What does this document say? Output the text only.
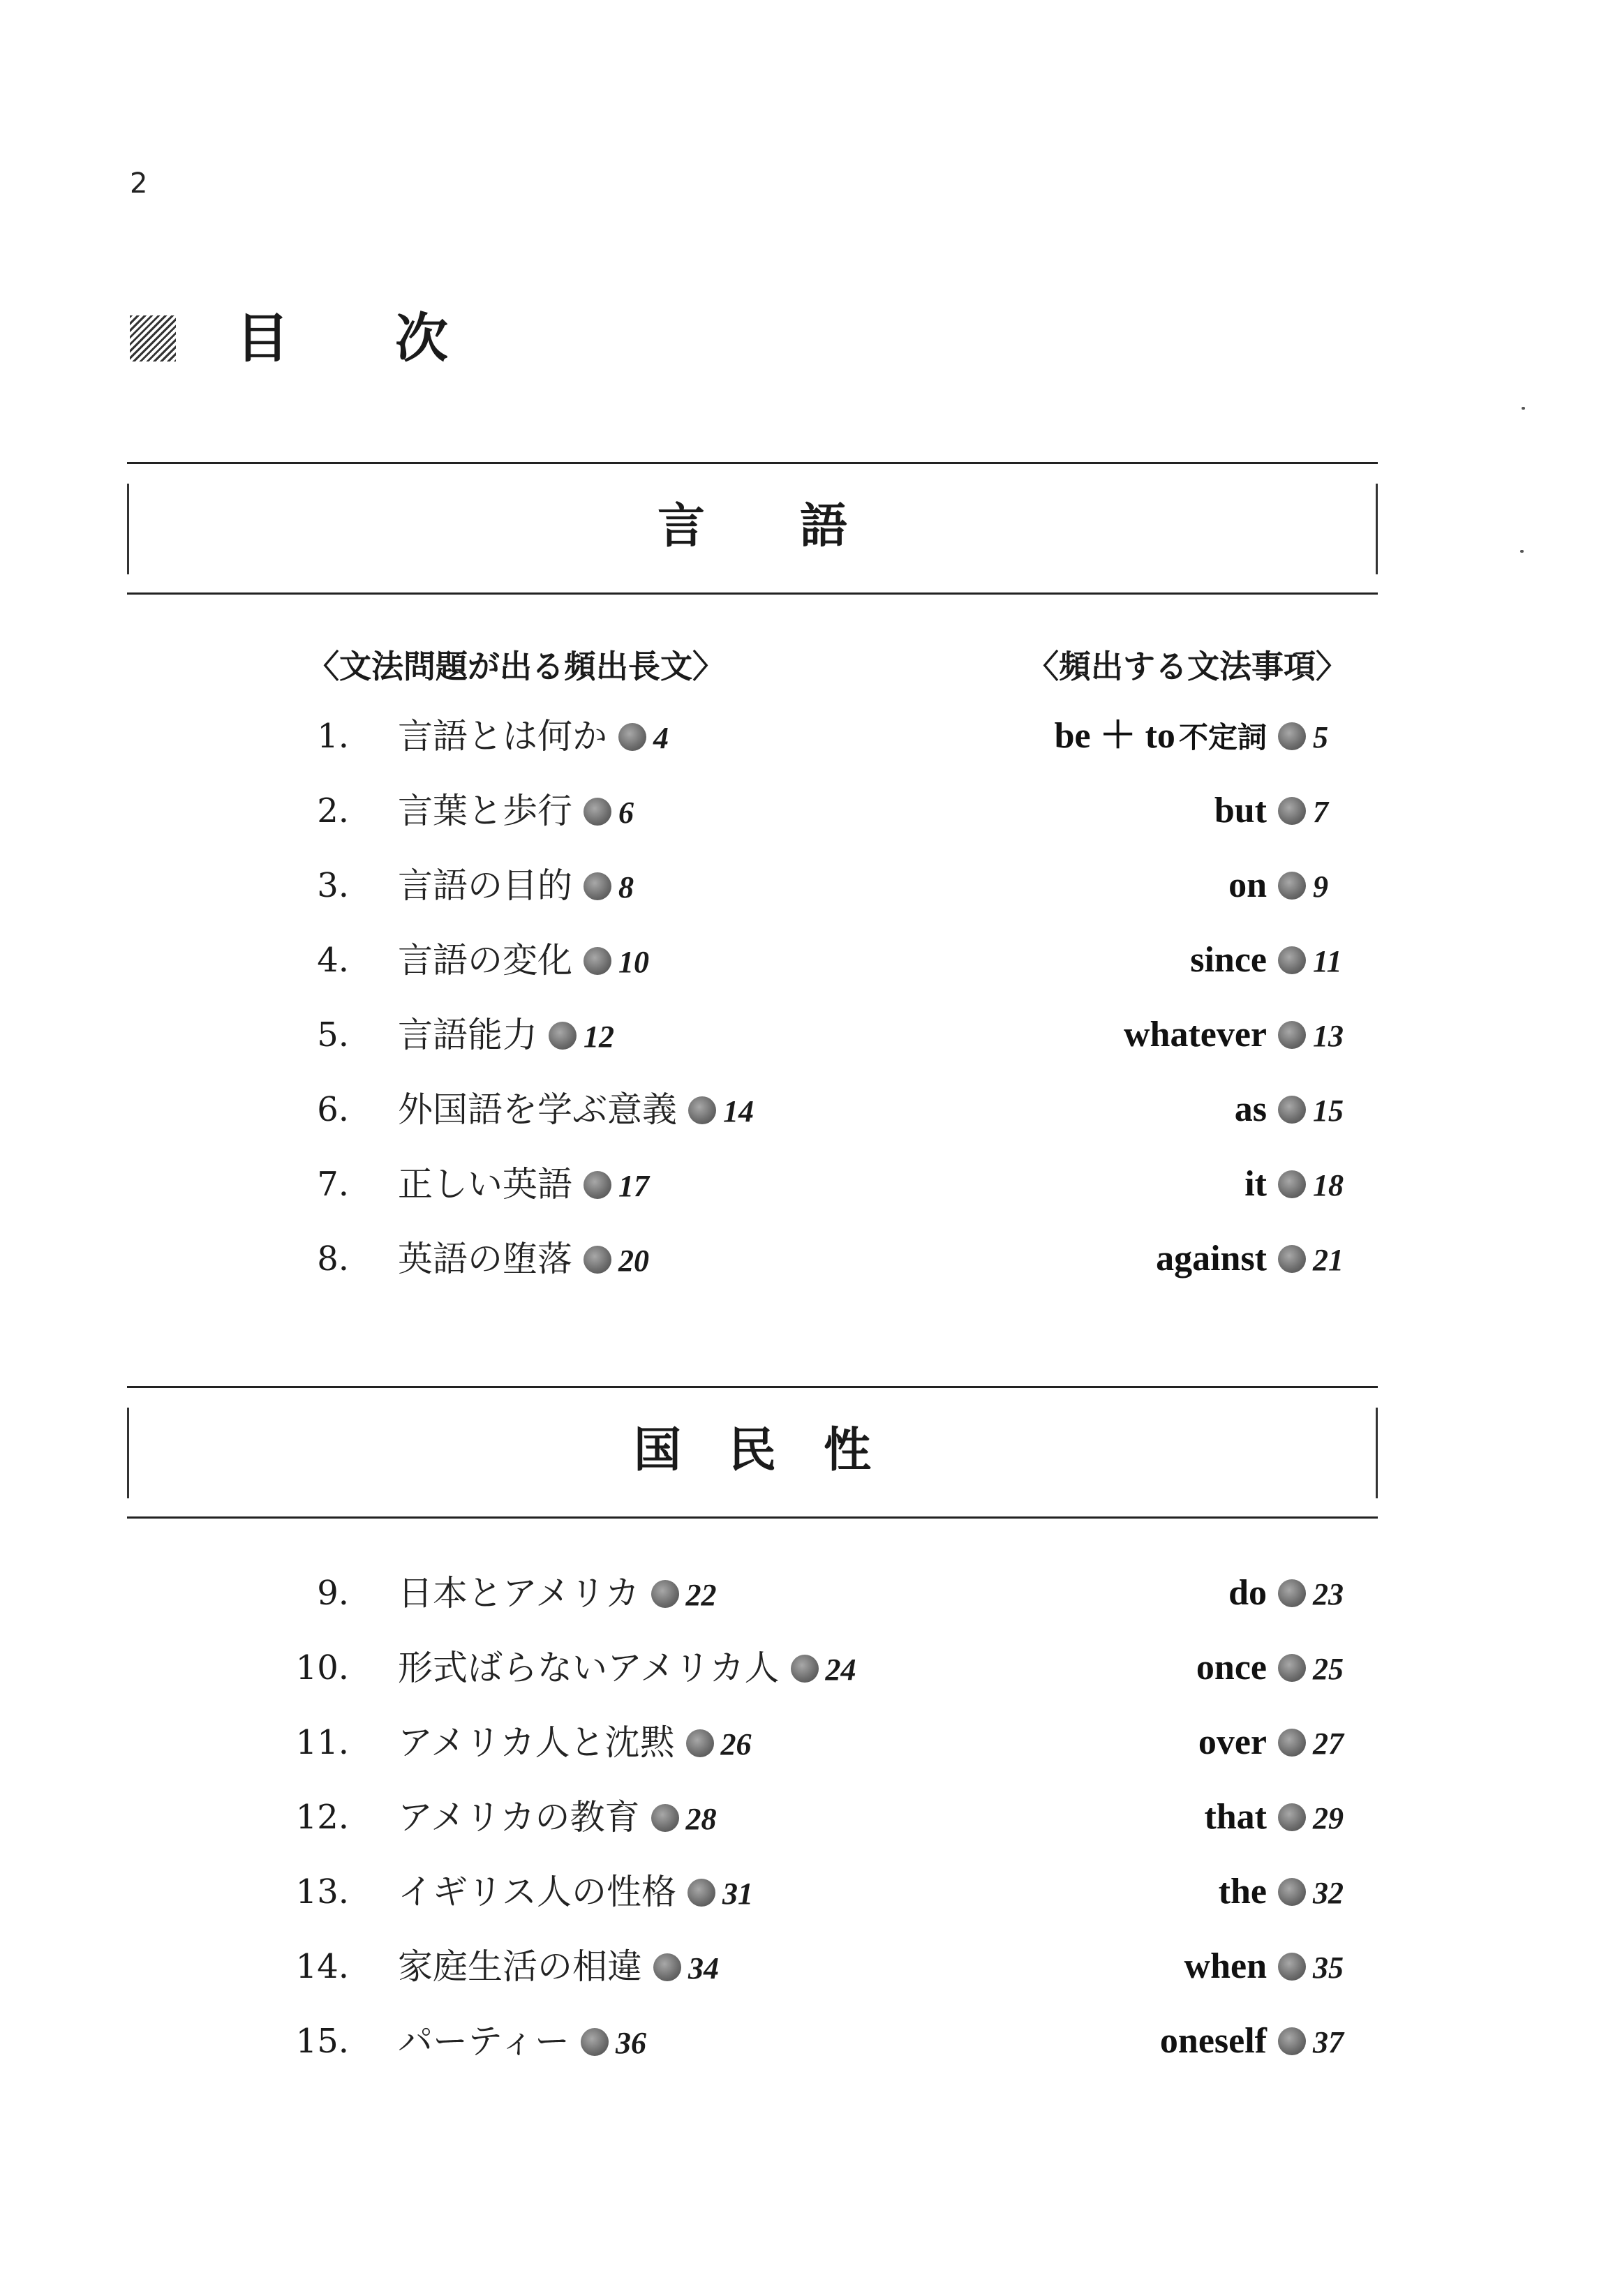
2
目 次
言　　語
〈文法問題が出る頻出長文〉	〈頻出する文法事項〉
国　民　性
1. 言語とは何か 4	be ＋ to 不定詞 5
2. 言葉と歩行 6	but 7
3. 言語の目的 8	on 9
4. 言語の変化 10	since 11
5. 言語能力 12	whatever 13
6. 外国語を学ぶ意義 14	as 15
7. 正しい英語 17	it 18
8. 英語の堕落 20	against 21
9. 日本とアメリカ 22	do 23
10. 形式ばらないアメリカ人 24	once 25
11. アメリカ人と沈黙 26	over 27
12. アメリカの教育 28	that 29
13. イギリス人の性格 31	the 32
14. 家庭生活の相違 34	when 35
15. パーティー 36	oneself 37
